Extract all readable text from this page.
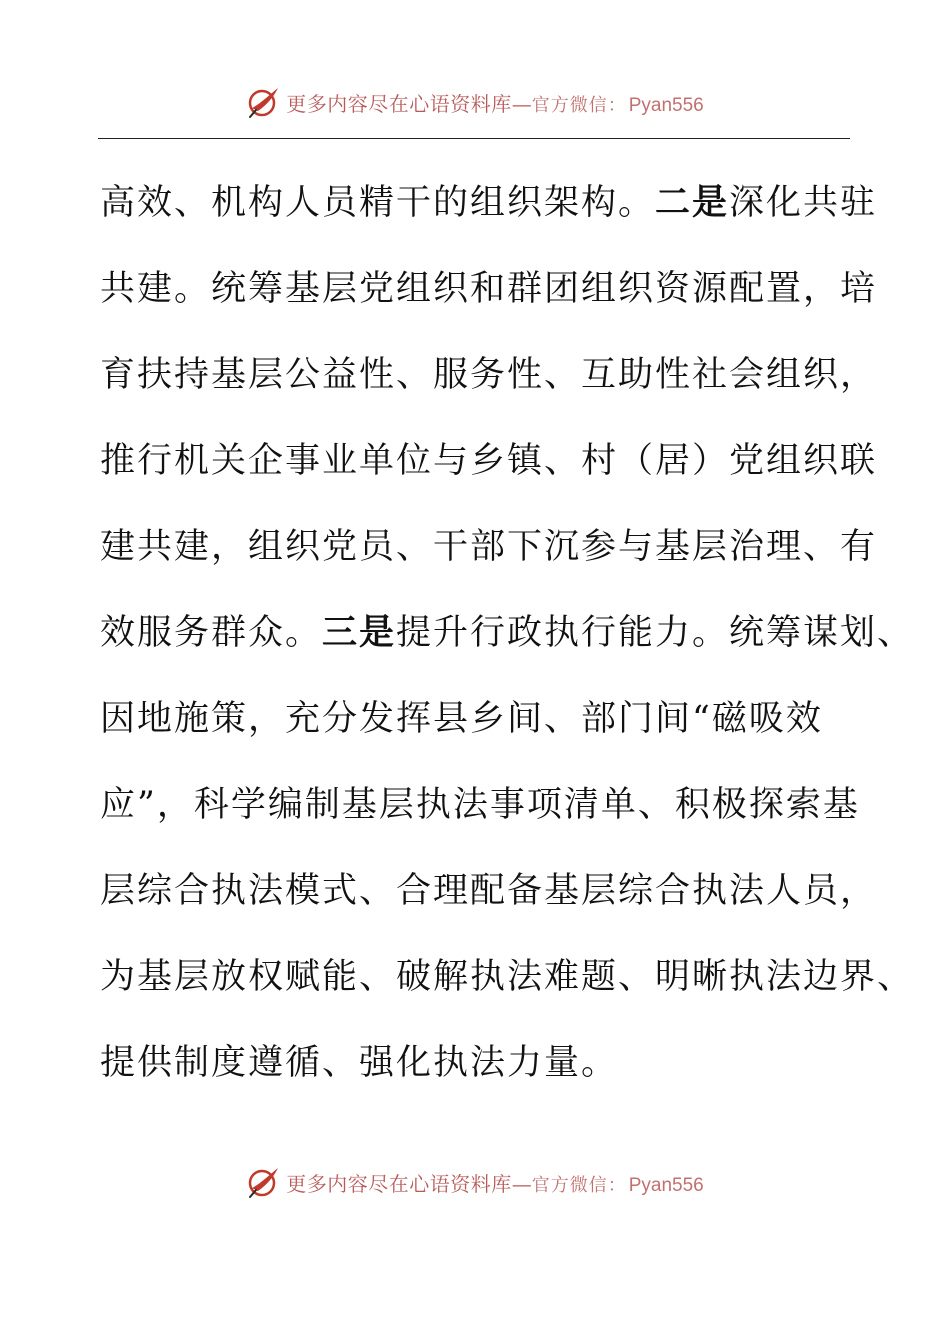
更多内容尽在心语资料库 — 官方微信： Pyan556
高效、机构人员精干的组织架构。二是深化共驻
共建。统筹基层党组织和群团组织资源配置，培
育扶持基层公益性、服务性、互助性社会组织，
推行机关企事业单位与乡镇、村（居）党组织联
建共建，组织党员、干部下沉参与基层治理、有
效服务群众。三是提升行政执行能力。统筹谋划、
因地施策，充分发挥县乡间、部门间“磁吸效
应”，科学编制基层执法事项清单、积极探索基
层综合执法模式、合理配备基层综合执法人员，
为基层放权赋能、破解执法难题、明晰执法边界、
提供制度遵循、强化执法力量。
更多内容尽在心语资料库 — 官方微信： Pyan556
